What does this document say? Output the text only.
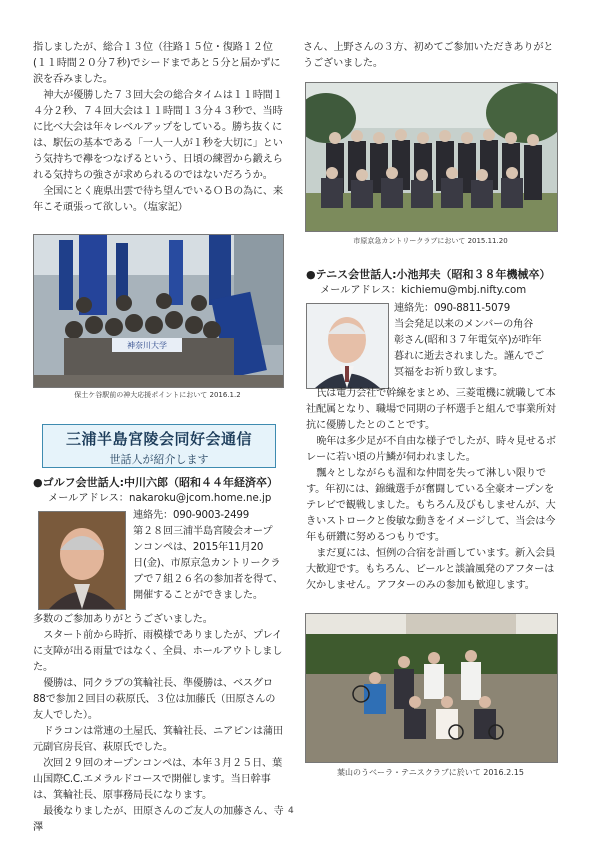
指しましたが、総合１３位（往路１５位・復路１２位(１１時間２０分７秒)でシードまであと５分と届かずに涙を呑みました。

神大が優勝した７３回大会の総合タイムは１１時間１４分２秒、７４回大会は１１時間１３分４３秒で、当時に比べ大会は年々レベルアップをしている。勝ち抜くには、駅伝の基本である「一人一人が１秒を大切に」という気持ちで襷をつなげるという、日頃の練習から鍛えられる気持ちの強さが求められるのではないだろうか。

全国にとく鹿県出雲で待ち望んでいるＯＢの為に、来年こそ頑張って欲しい。（塩家記）

神奈川大学
保土ケ谷駅前の神大応援ポイントにおいて 2016.1.2
三浦半島宮陵会同好会通信
世話人が紹介します
●ゴルフ会世話人:中川六郎（昭和４４年経済卒）
メールアドレス：nakaroku@jcom.home.ne.jp

連絡先：090-9003-2499

第２８回三浦半島宮陵会オープ

ンコンペは、2015年11月20

日(金)、市原京急カントリークラ

ブで７組２６名の参加者を得て、

開催することができました。

多数のご参加ありがとうございました。

スタート前から時折、雨模様でありましたが、プレイに支障が出る雨量ではなく、全員、ホールアウトしました。

優勝は、同クラブの箕輪社長、準優勝は、ベスグロ88で参加２回目の萩原氏、３位は加藤氏（田原さんの友人でした）。

ドラコンは常連の土屋氏、箕輪社長、ニアピンは蒲田元副官房長官、萩原氏でした。

次回２９回のオープンコンペは、本年３月２５日、葉山国際C.C.エメラルドコースで開催します。当日幹事は、箕輪社長、原事務局長になります。

最後なりましたが、田原さんのご友人の加藤さん、寺澤

さん、上野さんの３方、初めてご参加いただきありがとうございました。

市原京急カントリークラブにおいて 2015.11.20
●テニス会世話人:小池邦夫（昭和３８年機械卒）
メールアドレス：kichiemu@mbj.nifty.com

連絡先：090-8811-5079

当会発足以来のメンバーの角谷

彰さん(昭和３７年電気卒)が昨年

暮れに逝去されました。謹んでご

冥福をお祈り致します。

氏は電力会社で幹線をまとめ、三菱電機に就職して本社配属となり、職場で同期の子杯選手と組んで事業所対抗に優勝したとのことです。

晩年は多少足が不自由な様子でしたが、時々見せるボレーに若い頃の片鱗が伺われました。

飄々としながらも温和な仲間を失って淋しい限りです。年初には、錦織選手が奮闘している全豪オープンをテレビで観戦しました。もちろん及びもしませんが、大きいストロークと俊敏な動きをイメージして、当会は今年も研鑽に努めるつもりです。

まだ夏には、恒例の合宿を計画しています。新入会員大歓迎です。もちろん、ビールと談論風発のアフターは欠かしません。アフターのみの参加も歓迎します。

葉山のうベーラ・テニスクラブに於いて 2016.2.15
4
